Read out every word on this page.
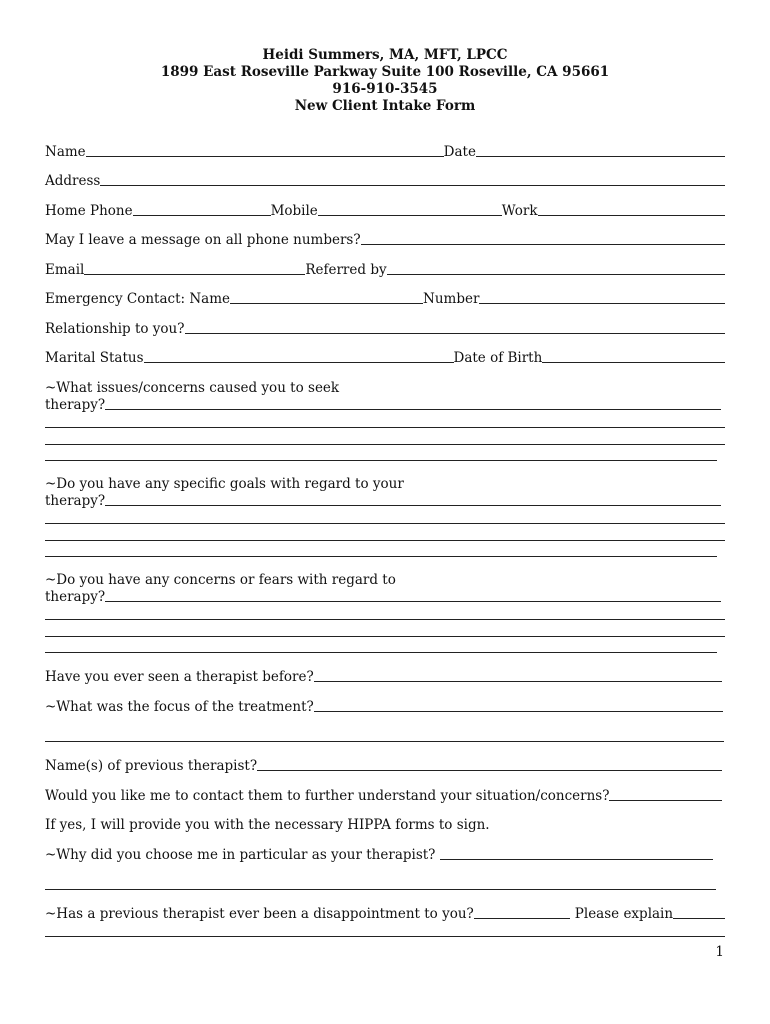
Heidi Summers, MA, MFT, LPCC
1899 East Roseville Parkway Suite 100 Roseville, CA 95661
916-910-3545
New Client Intake Form
Name	Date
Address
Home Phone	Mobile	Work
May I leave a message on all phone numbers?
Email	Referred by
Emergency Contact: Name	Number
Relationship to you?
Marital Status	Date of Birth
~What issues/concerns caused you to seek
therapy?
~Do you have any specific goals with regard to your
therapy?
~Do you have any concerns or fears with regard to
therapy?
Have you ever seen a therapist before?
~What was the focus of the treatment?
Name(s) of previous therapist?
Would you like me to contact them to further understand your situation/concerns?
If yes, I will provide you with the necessary HIPPA forms to sign.
~Why did you choose me in particular as your therapist?
~Has a previous therapist ever been a disappointment to you?	Please explain
1
